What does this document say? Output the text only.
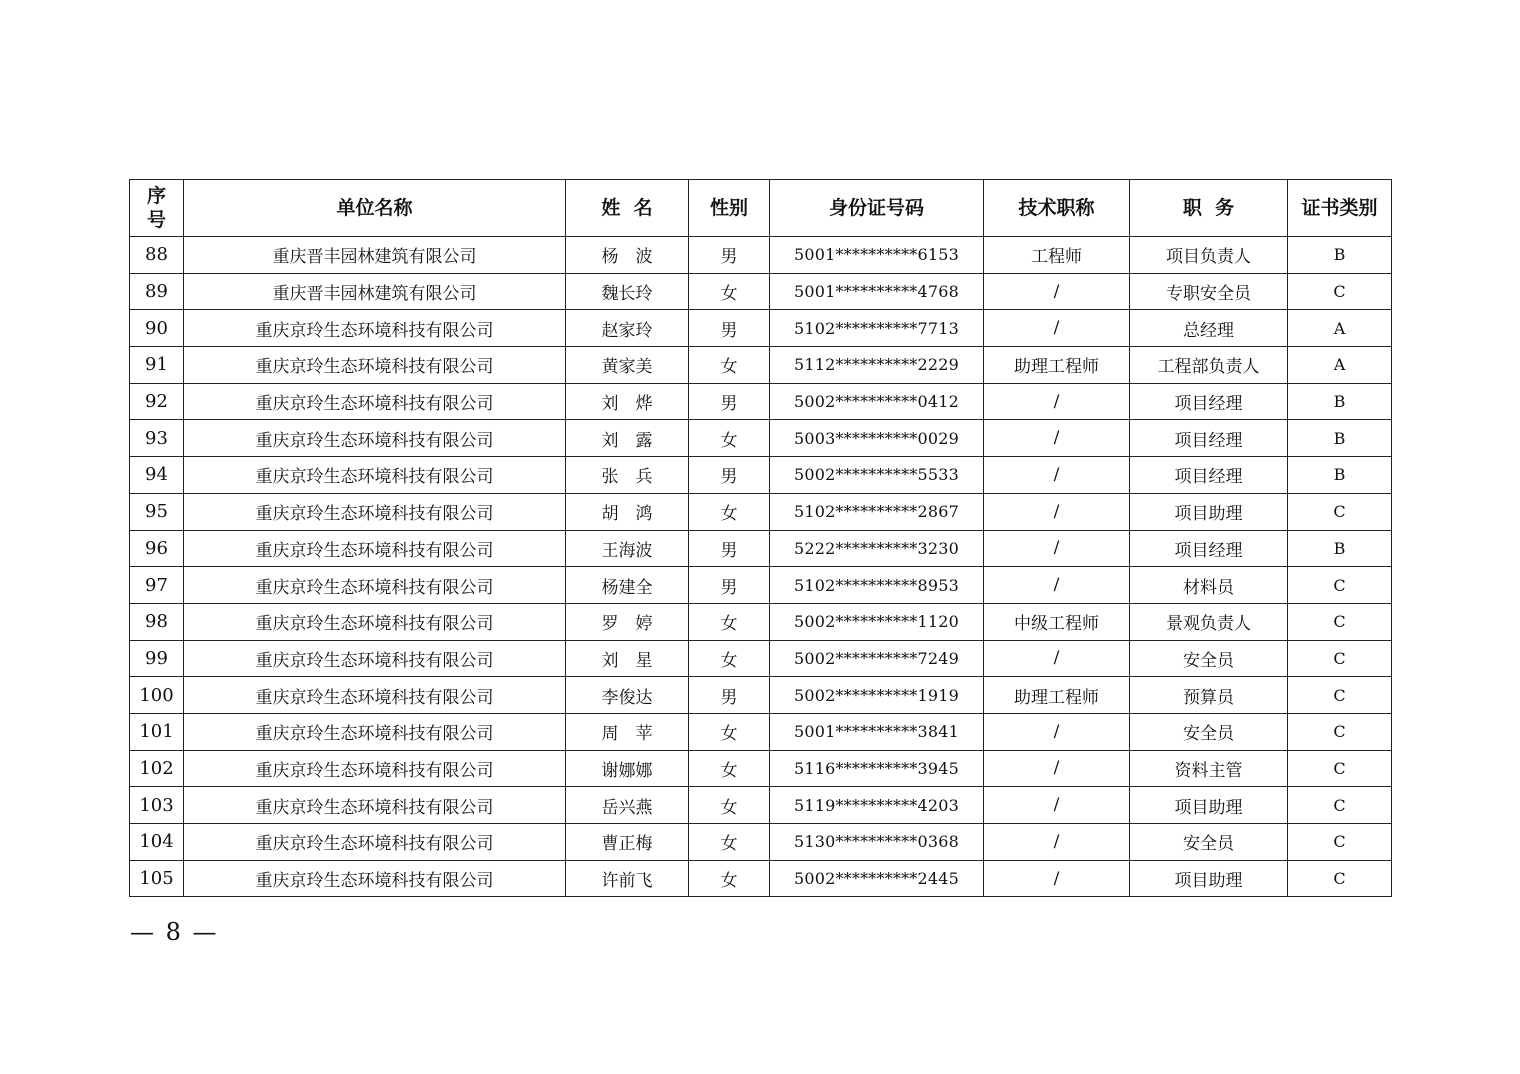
序
号	单位名称	姓  名	性别	身份证号码	技术职称	职  务	证书类别
88	重庆晋丰园林建筑有限公司	杨　波	男	5001**********6153	工程师	项目负责人	B
89	重庆晋丰园林建筑有限公司	魏长玲	女	5001**********4768	/	专职安全员	C
90	重庆京玲生态环境科技有限公司	赵家玲	男	5102**********7713	/	总经理	A
91	重庆京玲生态环境科技有限公司	黄家美	女	5112**********2229	助理工程师	工程部负责人	A
92	重庆京玲生态环境科技有限公司	刘　烨	男	5002**********0412	/	项目经理	B
93	重庆京玲生态环境科技有限公司	刘　露	女	5003**********0029	/	项目经理	B
94	重庆京玲生态环境科技有限公司	张　兵	男	5002**********5533	/	项目经理	B
95	重庆京玲生态环境科技有限公司	胡　鸿	女	5102**********2867	/	项目助理	C
96	重庆京玲生态环境科技有限公司	王海波	男	5222**********3230	/	项目经理	B
97	重庆京玲生态环境科技有限公司	杨建全	男	5102**********8953	/	材料员	C
98	重庆京玲生态环境科技有限公司	罗　婷	女	5002**********1120	中级工程师	景观负责人	C
99	重庆京玲生态环境科技有限公司	刘　星	女	5002**********7249	/	安全员	C
100	重庆京玲生态环境科技有限公司	李俊达	男	5002**********1919	助理工程师	预算员	C
101	重庆京玲生态环境科技有限公司	周　苹	女	5001**********3841	/	安全员	C
102	重庆京玲生态环境科技有限公司	谢娜娜	女	5116**********3945	/	资料主管	C
103	重庆京玲生态环境科技有限公司	岳兴燕	女	5119**********4203	/	项目助理	C
104	重庆京玲生态环境科技有限公司	曹正梅	女	5130**********0368	/	安全员	C
105	重庆京玲生态环境科技有限公司	许前飞	女	5002**********2445	/	项目助理	C
— 8 —
